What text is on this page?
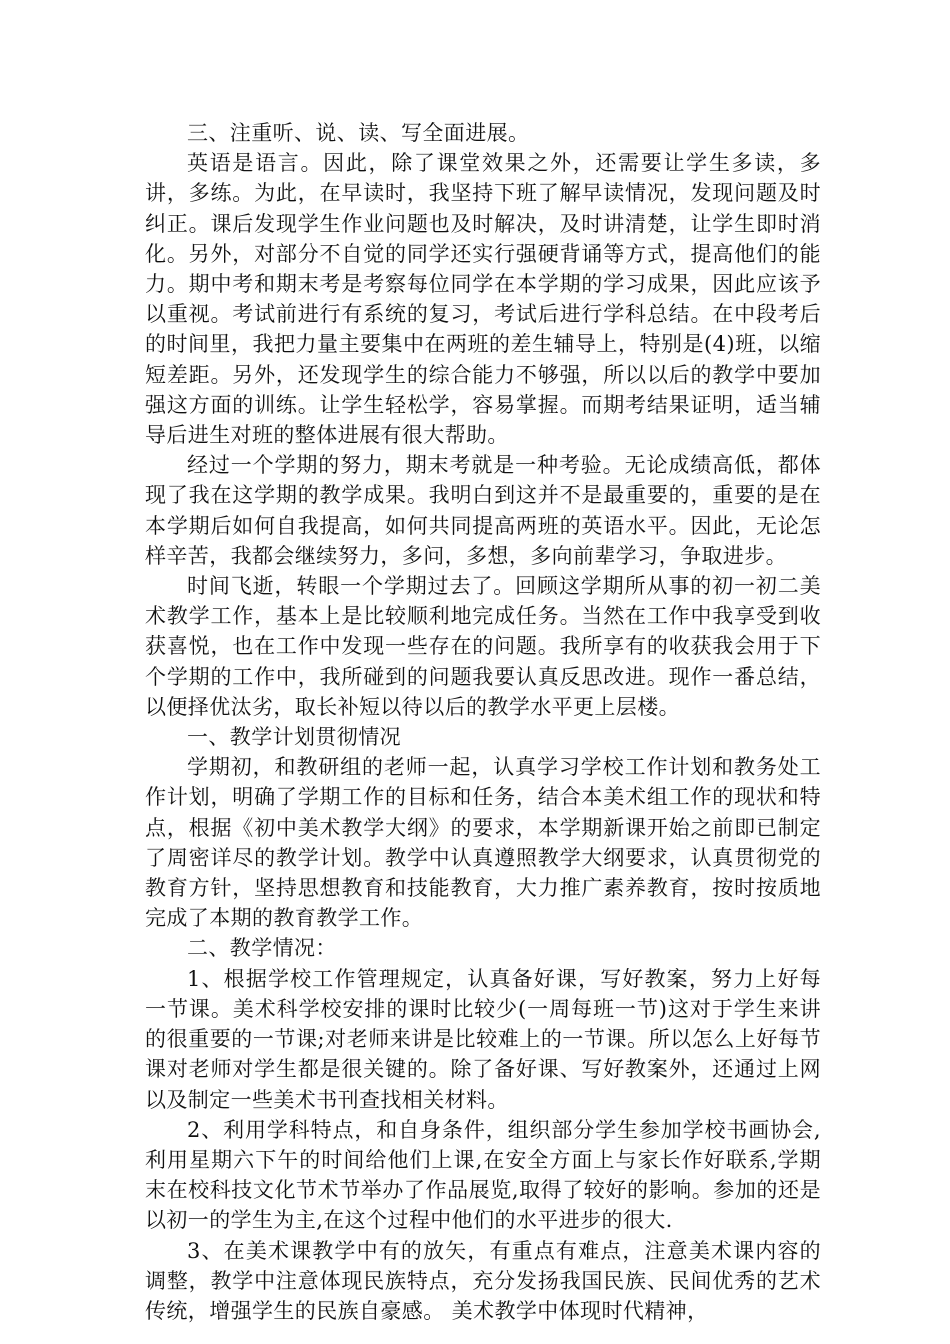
三、注重听、说、读、写全面进展。

英语是语言。因此，除了课堂效果之外，还需要让学生多读，多讲，多练。为此，在早读时，我坚持下班了解早读情况，发现问题及时纠正。课后发现学生作业问题也及时解决，及时讲清楚，让学生即时消化。另外，对部分不自觉的同学还实行强硬背诵等方式，提高他们的能力。期中考和期末考是考察每位同学在本学期的学习成果，因此应该予以重视。考试前进行有系统的复习，考试后进行学科总结。在中段考后的时间里，我把力量主要集中在两班的差生辅导上，特别是(4)班，以缩短差距。另外，还发现学生的综合能力不够强，所以以后的教学中要加强这方面的训练。让学生轻松学，容易掌握。而期考结果证明，适当辅导后进生对班的整体进展有很大帮助。

经过一个学期的努力，期末考就是一种考验。无论成绩高低，都体现了我在这学期的教学成果。我明白到这并不是最重要的，重要的是在本学期后如何自我提高，如何共同提高两班的英语水平。因此，无论怎样辛苦，我都会继续努力，多问，多想，多向前辈学习，争取进步。

时间飞逝，转眼一个学期过去了。回顾这学期所从事的初一初二美术教学工作，基本上是比较顺利地完成任务。当然在工作中我享受到收获喜悦，也在工作中发现一些存在的问题。我所享有的收获我会用于下个学期的工作中，我所碰到的问题我要认真反思改进。现作一番总结，以便择优汰劣，取长补短以待以后的教学水平更上层楼。

一、教学计划贯彻情况

学期初，和教研组的老师一起，认真学习学校工作计划和教务处工作计划，明确了学期工作的目标和任务，结合本美术组工作的现状和特点，根据《初中美术教学大纲》的要求，本学期新课开始之前即已制定了周密详尽的教学计划。教学中认真遵照教学大纲要求，认真贯彻党的教育方针，坚持思想教育和技能教育，大力推广素养教育，按时按质地完成了本期的教育教学工作。

二、教学情况：

1、根据学校工作管理规定，认真备好课，写好教案，努力上好每一节课。美术科学校安排的课时比较少(一周每班一节)这对于学生来讲的很重要的一节课;对老师来讲是比较难上的一节课。所以怎么上好每节课对老师对学生都是很关键的。除了备好课、写好教案外，还通过上网以及制定一些美术书刊查找相关材料。

2、利用学科特点，和自身条件，组织部分学生参加学校书画协会,利用星期六下午的时间给他们上课,在安全方面上与家长作好联系,学期末在校科技文化节术节举办了作品展览,取得了较好的影响。参加的还是以初一的学生为主,在这个过程中他们的水平进步的很大.

3、在美术课教学中有的放矢，有重点有难点，注意美术课内容的调整，教学中注意体现民族特点，充分发扬我国民族、民间优秀的艺术传统，增强学生的民族自豪感。 美术教学中体现时代精神，
